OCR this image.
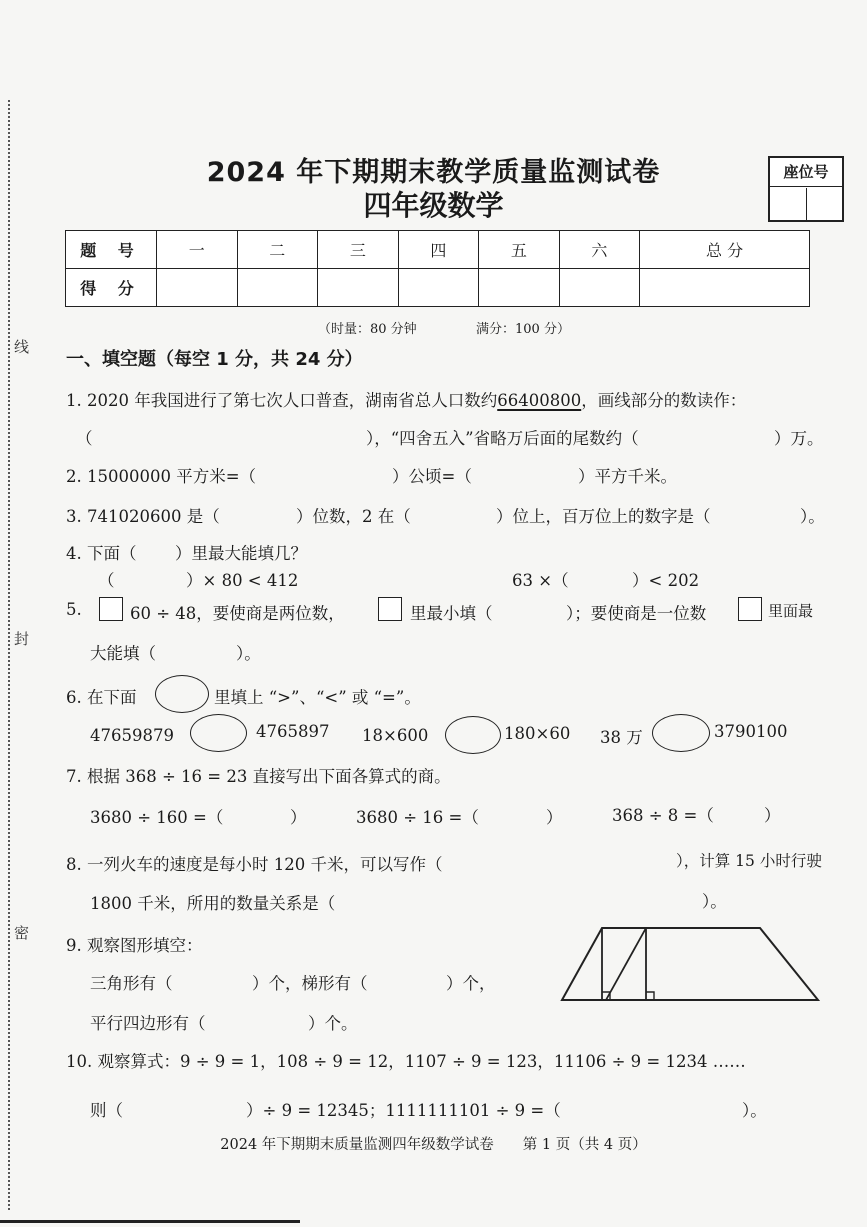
线
封
密
2024 年下期期末教学质量监测试卷
四年级数学
座位号
题 号	一	二	三	四	五	六	总 分
得 分							
（时量：80 分钟	满分：100 分）
一、填空题（每空 1 分，共 24 分）
1. 2020 年我国进行了第七次人口普查，湖南省总人口数约66400800，画线部分的数读作：
（	），“四舍五入”省略万后面的尾数约（	）万。
2. 15000000 平方米=（	）公顷=（	）平方千米。
3. 741020600 是（	）位数，2 在（	）位上，百万位上的数字是（	）。
4. 下面（ ）里最大能填几？
（	）× 80 < 412	63 ×（	）< 202
5.	60 ÷ 48，要使商是两位数，	里最小填（	）；要使商是一位数	里面最
大能填（	）。
6. 在下面	里填上 “>”、“<” 或 “=”。
47659879	4765897 18×600	180×60 38 万	3790100
7. 根据 368 ÷ 16 = 23 直接写出下面各算式的商。
3680 ÷ 160 =（	）	3680 ÷ 16 =（	）	368 ÷ 8 =（	）
8. 一列火车的速度是每小时 120 千米，可以写作（	），计算 15 小时行驶
1800 千米，所用的数量关系是（	）。
9. 观察图形填空：
三角形有（	）个，梯形有（	）个，
平行四边形有（	）个。
10. 观察算式：9 ÷ 9 = 1，108 ÷ 9 = 12，1107 ÷ 9 = 123，11106 ÷ 9 = 1234 ……
则（	）÷ 9 = 12345；1111111101 ÷ 9 =（	）。
2024 年下期期末质量监测四年级数学试卷　　第 1 页（共 4 页）
